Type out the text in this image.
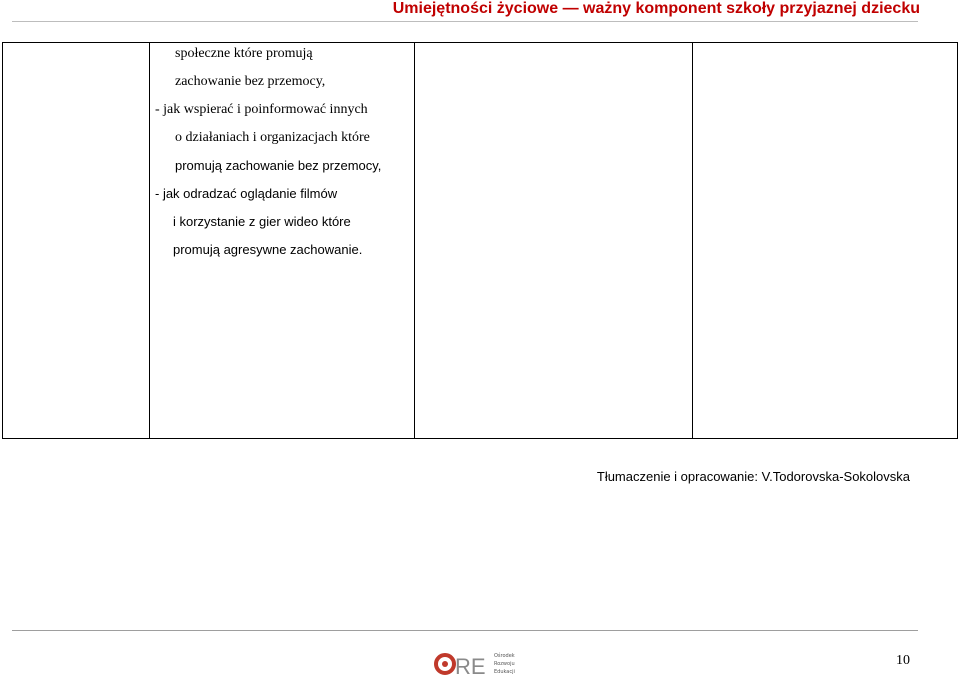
Umiejętności życiowe — ważny komponent szkoły przyjaznej dziecku
społeczne które promują
zachowanie bez przemocy,
- jak wspierać i poinformować innych
o działaniach i organizacjach które
promują zachowanie bez przemocy,
- jak odradzać oglądanie filmów
i korzystanie z gier wideo które
promują agresywne zachowanie.
Tłumaczenie i opracowanie: V.Todorovska-Sokolovska
RE Ośrodek
Rozwoju
Edukacji
10
